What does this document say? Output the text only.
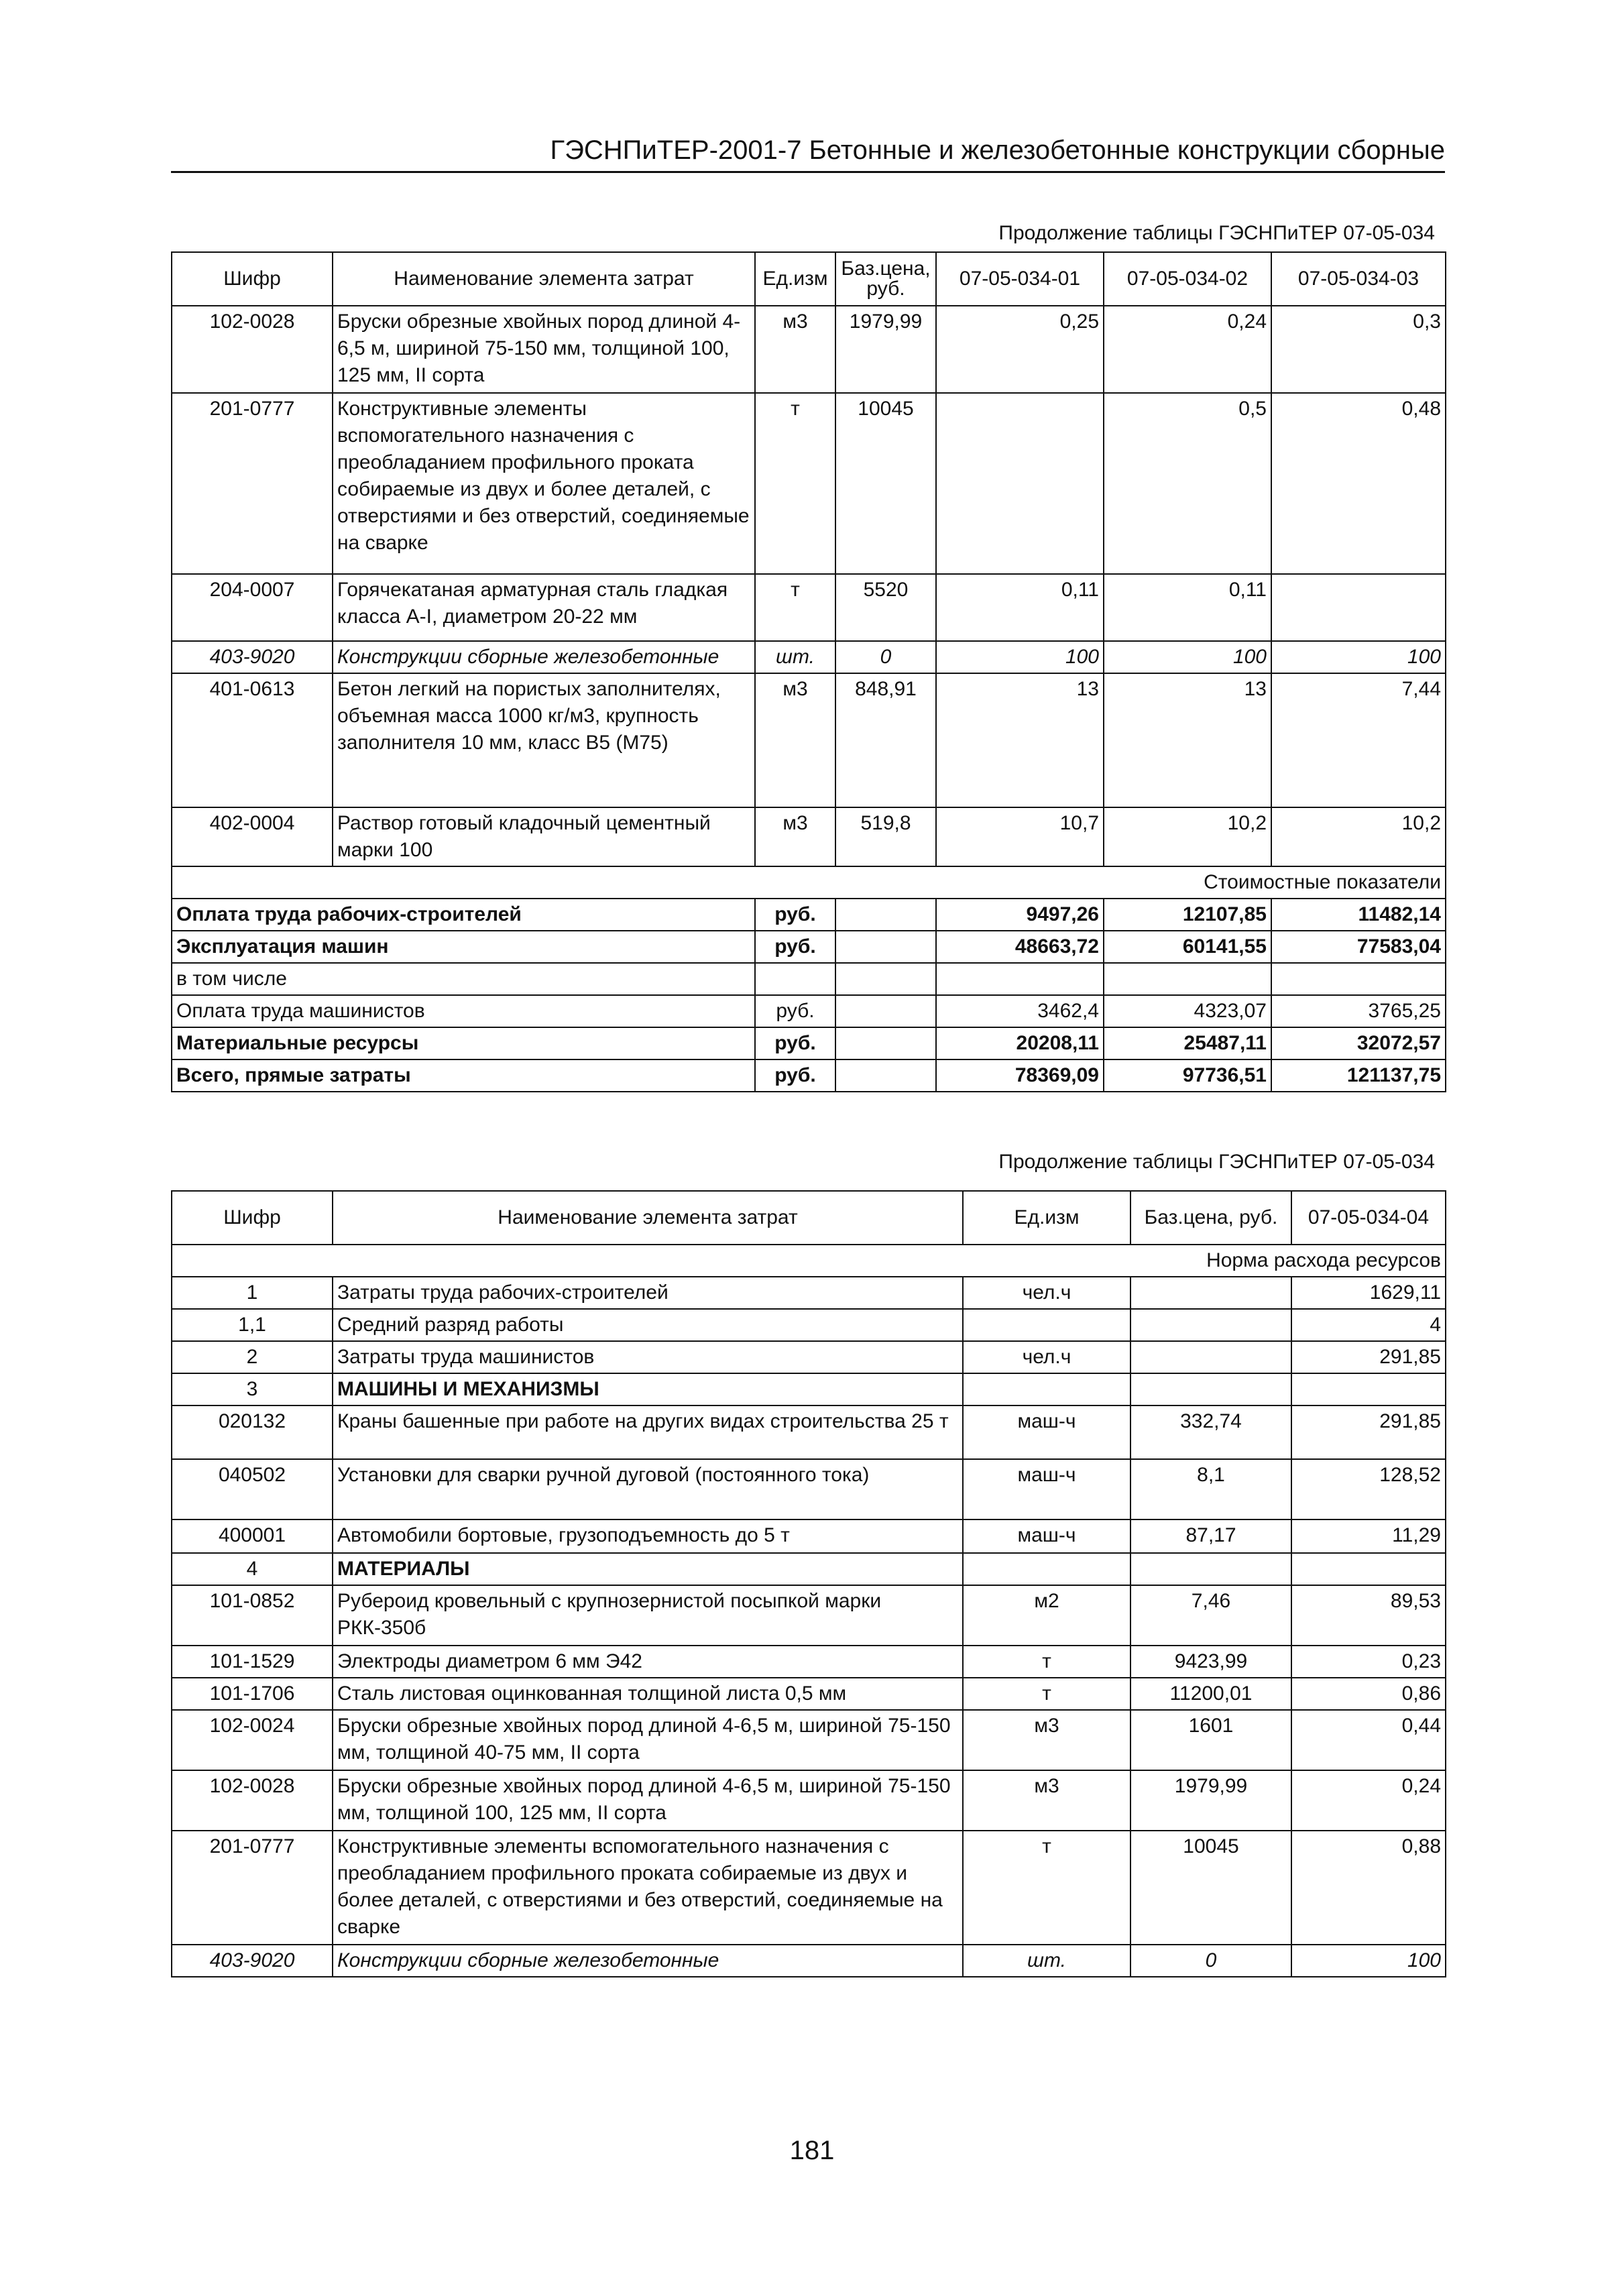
ГЭСНПиТЕР-2001-7 Бетонные и железобетонные конструкции сборные
Продолжение таблицы ГЭСНПиТЕР 07-05-034
Шифр	Наименование элемента затрат	Ед.изм	Баз.цена, руб.	07-05-034-01	07-05-034-02	07-05-034-03
102-0028	Бруски обрезные хвойных пород длиной 4-6,5 м, шириной 75-150 мм, толщиной 100, 125 мм, II сорта	м3	1979,99	0,25	0,24	0,3
201-0777	Конструктивные элементы вспомогательного назначения с преобладанием профильного проката собираемые из двух и более деталей, с отверстиями и без отверстий, соединяемые на сварке	т	10045		0,5	0,48
204-0007	Горячекатаная арматурная сталь гладкая класса А-I, диаметром 20-22 мм	т	5520	0,11	0,11	
403-9020	Конструкции сборные железобетонные	шт.	0	100	100	100
401-0613	Бетон легкий на пористых заполнителях, объемная масса 1000 кг/м3, крупность заполнителя 10 мм, класс В5 (М75)	м3	848,91	13	13	7,44
402-0004	Раствор готовый кладочный цементный марки 100	м3	519,8	10,7	10,2	10,2
Стоимостные показатели						
Оплата труда рабочих-строителей		руб.		9497,26	12107,85	11482,14
Эксплуатация машин		руб.		48663,72	60141,55	77583,04
в том числе						
Оплата труда машинистов		руб.		3462,4	4323,07	3765,25
Материальные ресурсы		руб.		20208,11	25487,11	32072,57
Всего, прямые затраты		руб.		78369,09	97736,51	121137,75
Продолжение таблицы ГЭСНПиТЕР 07-05-034
Шифр	Наименование элемента затрат	Ед.изм	Баз.цена, руб.	07-05-034-04
Норма расхода ресурсов				
1	Затраты труда рабочих-строителей	чел.ч		1629,11
1,1	Средний разряд работы			4
2	Затраты труда машинистов	чел.ч		291,85
3	МАШИНЫ И МЕХАНИЗМЫ			
020132	Краны башенные при работе на других видах строительства 25 т	маш-ч	332,74	291,85
040502	Установки для сварки ручной дуговой (постоянного тока)	маш-ч	8,1	128,52
400001	Автомобили бортовые, грузоподъемность до 5 т	маш-ч	87,17	11,29
4	МАТЕРИАЛЫ			
101-0852	Рубероид кровельный с крупнозернистой посыпкой марки РКК-350б	м2	7,46	89,53
101-1529	Электроды диаметром 6 мм Э42	т	9423,99	0,23
101-1706	Сталь листовая оцинкованная толщиной листа 0,5 мм	т	11200,01	0,86
102-0024	Бруски обрезные хвойных пород длиной 4-6,5 м, шириной 75-150 мм, толщиной 40-75 мм, II сорта	м3	1601	0,44
102-0028	Бруски обрезные хвойных пород длиной 4-6,5 м, шириной 75-150 мм, толщиной 100, 125 мм, II сорта	м3	1979,99	0,24
201-0777	Конструктивные элементы вспомогательного назначения с преобладанием профильного проката собираемые из двух и более деталей, с отверстиями и без отверстий, соединяемые на сварке	т	10045	0,88
403-9020	Конструкции сборные железобетонные	шт.	0	100
181
